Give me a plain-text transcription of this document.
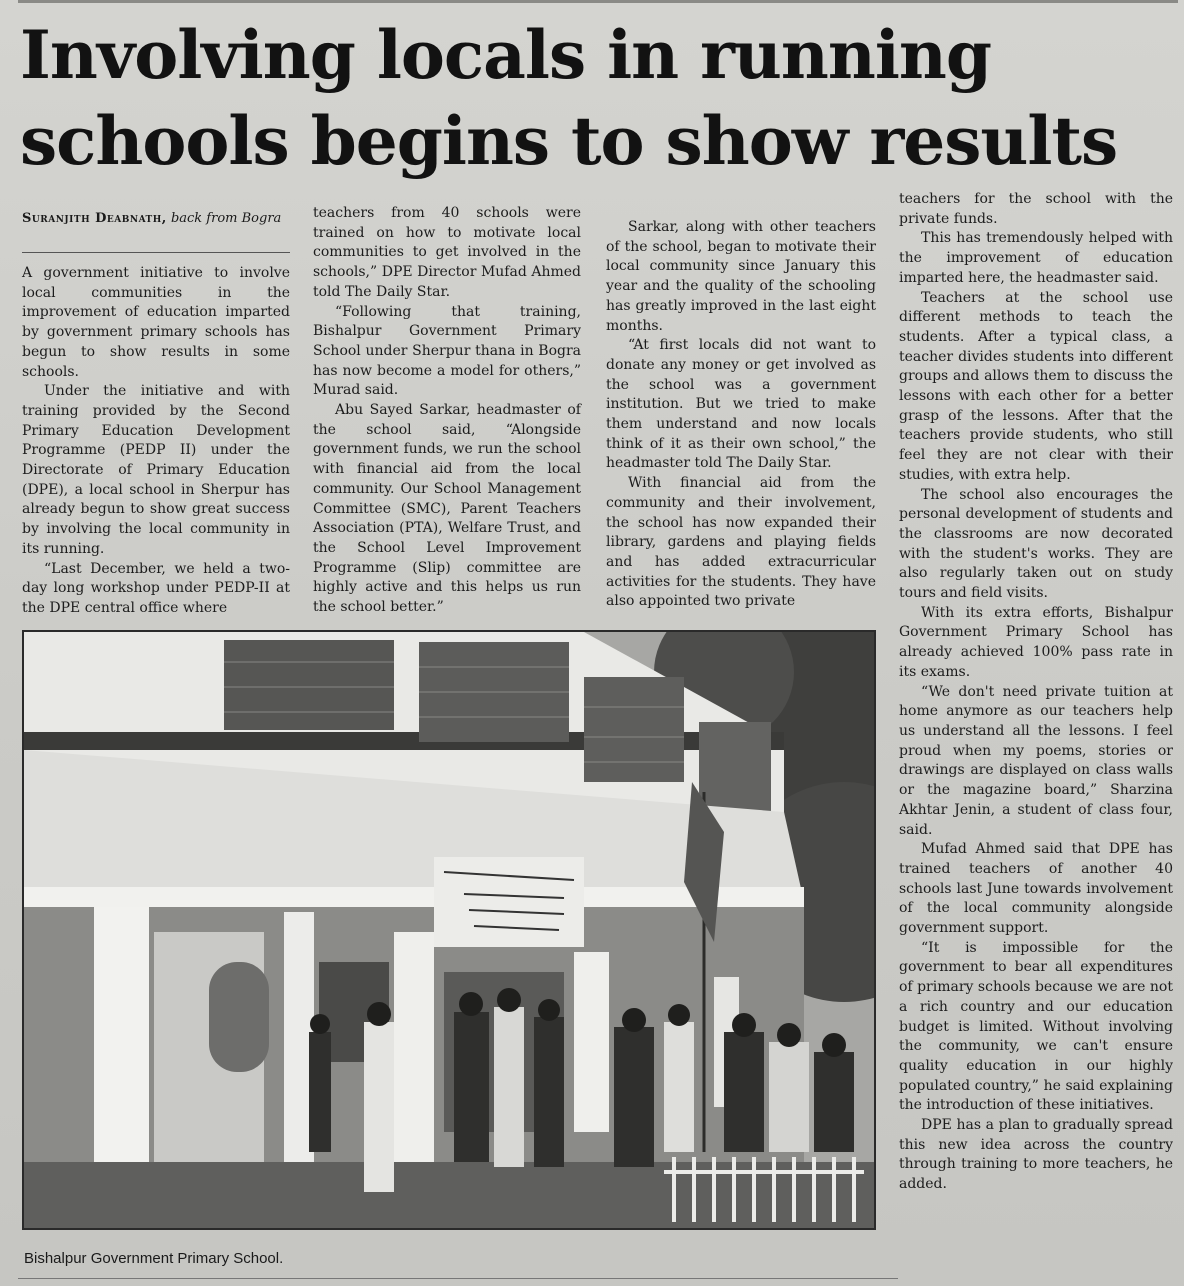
Involving locals in running schools begins to show results
Suranjith Deabnath, back from Bogra

A government initiative to involve local communities in the improvement of education imparted by government primary schools has begun to show results in some schools.

Under the initiative and with training provided by the Second Primary Education Development Programme (PEDP II) under the Directorate of Primary Education (DPE), a local school in Sherpur has already begun to show great success by involving the local community in its running.

“Last December, we held a two-day long workshop under PEDP-II at the DPE central office where

teachers from 40 schools were trained on how to motivate local communities to get involved in the schools,” DPE Director Mufad Ahmed told The Daily Star.

“Following that training, Bishalpur Government Primary School under Sherpur thana in Bogra has now become a model for others,” Murad said.

Abu Sayed Sarkar, headmaster of the school said, “Alongside government funds, we run the school with financial aid from the local community. Our School Management Committee (SMC), Parent Teachers Association (PTA), Welfare Trust, and the School Level Improvement Programme (Slip) committee are highly active and this helps us run the school better.”

Sarkar, along with other teachers of the school, began to motivate their local community since January this year and the quality of the schooling has greatly improved in the last eight months.

“At first locals did not want to donate any money or get involved as the school was a government institution. But we tried to make them understand and now locals think of it as their own school,” the headmaster told The Daily Star.

With financial aid from the community and their involvement, the school has now expanded their library, gardens and playing fields and has added extracurricular activities for the students. They have also appointed two private

teachers for the school with the private funds.

This has tremendously helped with the improvement of education imparted here, the headmaster said.

Teachers at the school use different methods to teach the students. After a typical class, a teacher divides students into different groups and allows them to discuss the lessons with each other for a better grasp of the lessons. After that the teachers provide students, who still feel they are not clear with their studies, with extra help.

The school also encourages the personal development of students and the classrooms are now decorated with the student's works. They are also regularly taken out on study tours and field visits.

With its extra efforts, Bishalpur Government Primary School has already achieved 100% pass rate in its exams.

“We don't need private tuition at home anymore as our teachers help us understand all the lessons. I feel proud when my poems, stories or drawings are displayed on class walls or the magazine board,” Sharzina Akhtar Jenin, a student of class four, said.

Mufad Ahmed said that DPE has trained teachers of another 40 schools last June towards involvement of the local community alongside government support.

“It is impossible for the government to bear all expenditures of primary schools because we are not a rich country and our education budget is limited. Without involving the community, we can't ensure quality education in our highly populated country,” he said explaining the introduction of these initiatives.

DPE has a plan to gradually spread this new idea across the country through training to more teachers, he added.

Bishalpur Government Primary School.
